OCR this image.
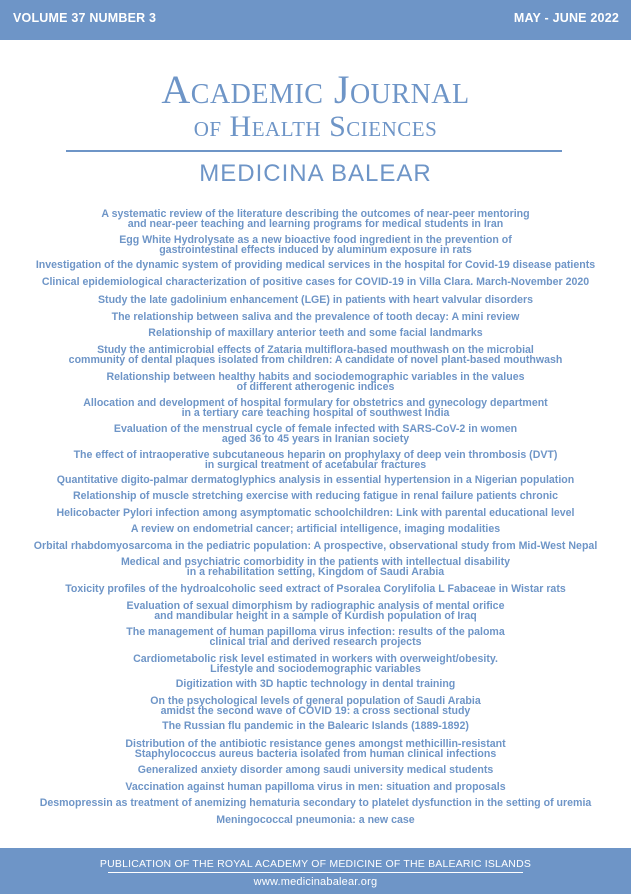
VOLUME 37 NUMBER 3	MAY - JUNE 2022
Academic Journal
of Health Sciences
MEDICINA BALEAR
A systematic review of the literature describing the outcomes of near-peer mentoring
and near-peer teaching and learning programs for medical students in Iran
Egg White Hydrolysate as a new bioactive food ingredient in the prevention of
gastrointestinal effects induced by aluminum exposure in rats
Investigation of the dynamic system of providing medical services in the hospital for Covid-19 disease patients
Clinical epidemiological characterization of positive cases for COVID-19 in Villa Clara. March-November 2020
Study the late gadolinium enhancement (LGE) in patients with heart valvular disorders
The relationship between saliva and the prevalence of tooth decay: A mini review
Relationship of maxillary anterior teeth and some facial landmarks
Study the antimicrobial effects of Zataria multiflora-based mouthwash on the microbial
community of dental plaques isolated from children: A candidate of novel plant-based mouthwash
Relationship between healthy habits and sociodemographic variables in the values
of different atherogenic indices
Allocation and development of hospital formulary for obstetrics and gynecology department
in a tertiary care teaching hospital of southwest India
Evaluation of the menstrual cycle of female infected with SARS-CoV-2 in women
aged 36 to 45 years in Iranian society
The effect of intraoperative subcutaneous heparin on prophylaxy of deep vein thrombosis (DVT)
in surgical treatment of acetabular fractures
Quantitative digito-palmar dermatoglyphics analysis in essential hypertension in a Nigerian population
Relationship of muscle stretching exercise with reducing fatigue in renal failure patients chronic
Helicobacter Pylori infection among asymptomatic schoolchildren: Link with parental educational level
A review on endometrial cancer; artificial intelligence, imaging modalities
Orbital rhabdomyosarcoma in the pediatric population: A prospective, observational study from Mid-West Nepal
Medical and psychiatric comorbidity in the patients with intellectual disability
in a rehabilitation setting, Kingdom of Saudi Arabia
Toxicity profiles of the hydroalcoholic seed extract of Psoralea Corylifolia L Fabaceae in Wistar rats
Evaluation of sexual dimorphism by radiographic analysis of mental orifice
and mandibular height in a sample of Kurdish population of Iraq
The management of human papilloma virus infection: results of the paloma
clinical trial and derived research projects
Cardiometabolic risk level estimated in workers with overweight/obesity.
Lifestyle and sociodemographic variables
Digitization with 3D haptic technology in dental training
On the psychological levels of general population of Saudi Arabia
amidst the second wave of COVID 19: a cross sectional study
The Russian flu pandemic in the Balearic Islands (1889-1892)
Distribution of the antibiotic resistance genes amongst methicillin-resistant
Staphylococcus aureus bacteria isolated from human clinical infections
Generalized anxiety disorder among saudi university medical students
Vaccination against human papilloma virus in men: situation and proposals
Desmopressin as treatment of anemizing hematuria secondary to platelet dysfunction in the setting of uremia
Meningococcal pneumonia: a new case
PUBLICATION OF THE ROYAL ACADEMY OF MEDICINE OF THE BALEARIC ISLANDS
www.medicinabalear.org
